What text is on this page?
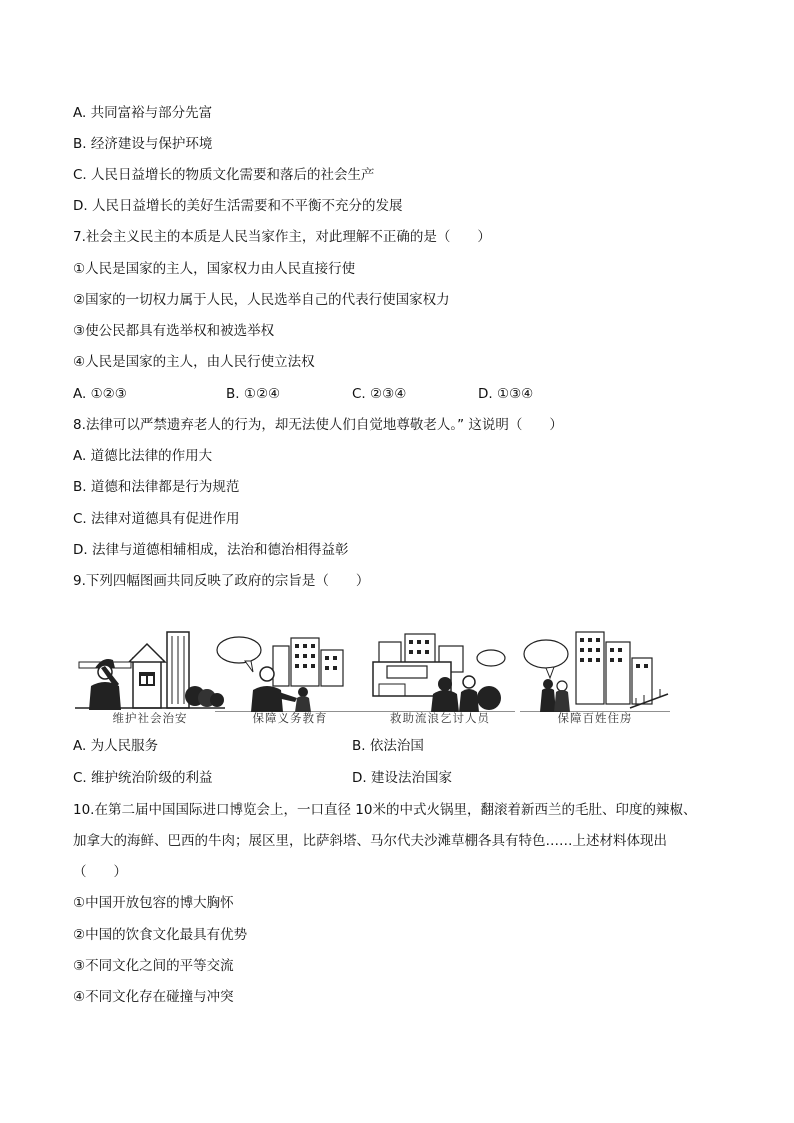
A. 共同富裕与部分先富
B. 经济建设与保护环境
C. 人民日益增长的物质文化需要和落后的社会生产
D. 人民日益增长的美好生活需要和不平衡不充分的发展
7.社会主义民主的本质是人民当家作主，对此理解不正确的是（　　）
①人民是国家的主人，国家权力由人民直接行使
②国家的一切权力属于人民，人民选举自己的代表行使国家权力
③使公民都具有选举权和被选举权
④人民是国家的主人，由人民行使立法权
A. ①②③	B. ①②④	C. ②③④	D. ①③④
8.法律可以严禁遗弃老人的行为，却无法使人们自觉地尊敬老人。” 这说明（　　）
A. 道德比法律的作用大
B. 道德和法律都是行为规范
C. 法律对道德具有促进作用
D. 法律与道德相辅相成，法治和德治相得益彰
9.下列四幅图画共同反映了政府的宗旨是（　　）
维护社会治安	保障义务教育	救助流浪乞讨人员	保障百姓住房
A. 为人民服务	B. 依法治国
C. 维护统治阶级的利益	D. 建设法治国家
10.在第二届中国国际进口博览会上，一口直径 10米的中式火锅里，翻滚着新西兰的毛肚、印度的辣椒、
加拿大的海鲜、巴西的牛肉；展区里，比萨斜塔、马尔代夫沙滩草棚各具有特色……上述材料体现出
（　　）
①中国开放包容的博大胸怀
②中国的饮食文化最具有优势
③不同文化之间的平等交流
④不同文化存在碰撞与冲突
